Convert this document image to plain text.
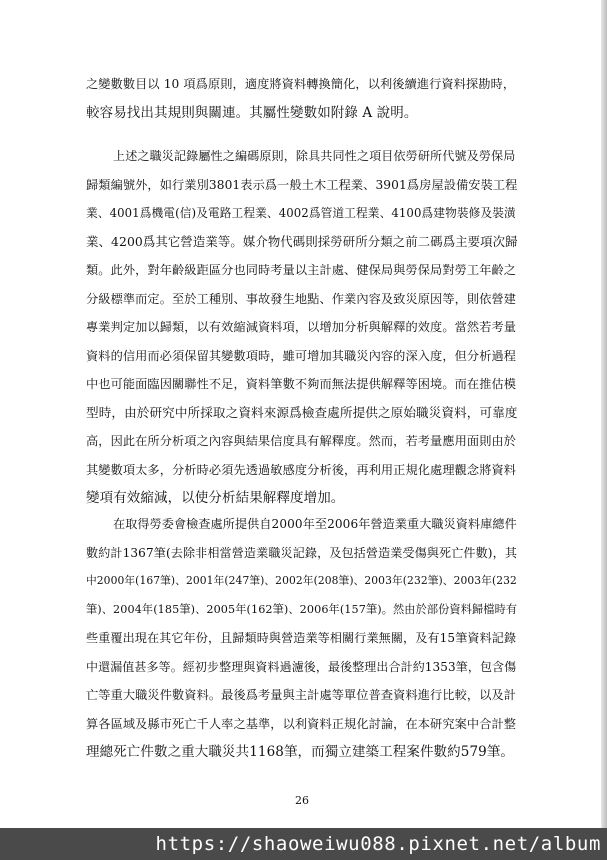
之變數數目以 10 項爲原則，適度將資料轉換簡化，以利後續進行資料探勘時，
較容易找出其規則與關連。其屬性變數如附錄 A 說明。
上述之職災記錄屬性之編碼原則，除具共同性之項目依勞研所代號及勞保局
歸類編號外，如行業別3801表示爲一般土木工程業、3901爲房屋設備安裝工程
業、4001爲機電(信)及電路工程業、4002爲管道工程業、4100爲建物裝修及裝潢
業、4200爲其它營造業等。媒介物代碼則採勞研所分類之前二碼爲主要項次歸
類。此外，對年齡級距區分也同時考量以主計處、健保局與勞保局對勞工年齡之
分級標準而定。至於工種別、事故發生地點、作業內容及致災原因等，則依營建
專業判定加以歸類，以有效縮減資料項，以增加分析與解釋的效度。當然若考量
資料的信用而必須保留其變數項時，雖可增加其職災內容的深入度，但分析過程
中也可能面臨因關聯性不足，資料筆數不夠而無法提供解釋等困境。而在推估模
型時，由於研究中所採取之資料來源爲檢查處所提供之原始職災資料，可靠度
高，因此在所分析項之內容與結果信度具有解釋度。然而，若考量應用面則由於
其變數項太多，分析時必須先透過敏感度分析後，再利用正規化處理觀念將資料
變項有效縮減，以使分析結果解釋度增加。
在取得勞委會檢查處所提供自2000年至2006年營造業重大職災資料庫總件
數約計1367筆(去除非相當營造業職災記錄，及包括營造業受傷與死亡件數)，其
中2000年(167筆)、2001年(247筆)、2002年(208筆)、2003年(232筆)、2003年(232
筆)、2004年(185筆)、2005年(162筆)、2006年(157筆)。然由於部份資料歸檔時有
些重覆出現在其它年份，且歸類時與營造業等相關行業無關，及有15筆資料記錄
中還漏值甚多等。經初步整理與資料過濾後，最後整理出合計約1353筆，包含傷
亡等重大職災件數資料。最後爲考量與主計處等單位普查資料進行比較，以及計
算各區域及縣市死亡千人率之基準，以利資料正規化討論，在本研究案中合計整
理總死亡件數之重大職災共1168筆，而獨立建築工程案件數約579筆。
26
https://shaoweiwu088.pixnet.net/album
